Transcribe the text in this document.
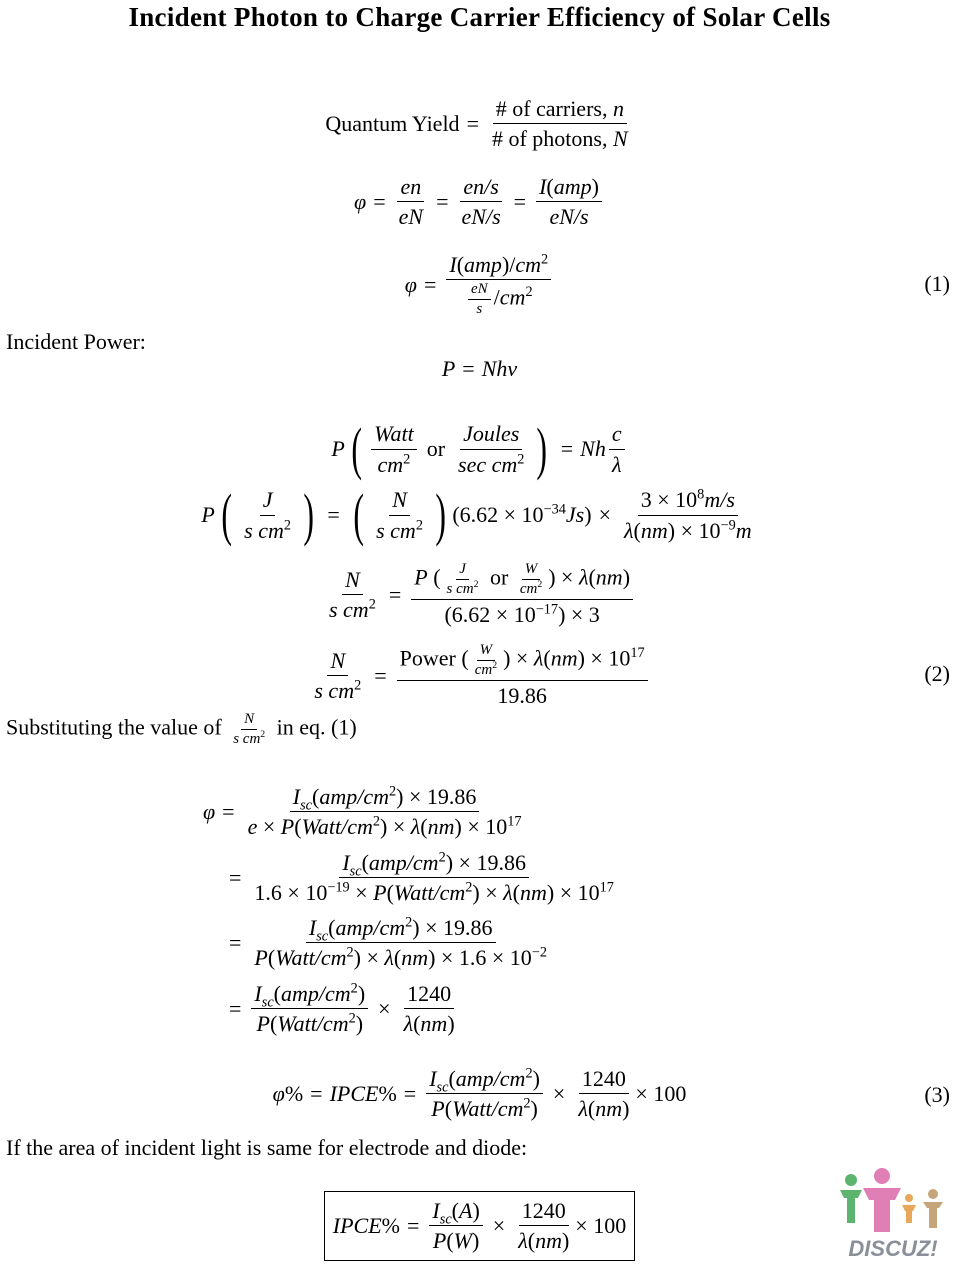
Incident Photon to Charge Carrier Efficiency of Solar Cells
Quantum Yield = $\frac{\text{\# of carriers, n}}{\text{\# of photons, N}}$
$\varphi = \frac{en}{eN} = \frac{en/s}{eN/s} = \frac{\text{I(amp)}}{eN/s}$
$\varphi = \frac{I(amp)/cm^2}{\frac{eN}{s} /cm^2}$	(1)
Incident Power:
P = Nhν
P ( $\frac{\text{Watt}}{cm^2}$ or $\frac{\text{Joules}}{\sec cm^2}$ ) = Nh $\frac{c}{\lambda}$
P ( $\frac{J}{s cm^2}$ ) = ( $\frac{N}{s cm^2}$ ) $(6.62 \times 10^{-34}Js) \times \frac{3 \times 10^8m/s}{\lambda(nm) \times 10^{-9}m}$
$\frac{N}{s cm^2} = \frac{P ( \frac{J}{s cm^2} or \frac{W}{cm^2} ) \times \lambda(nm)}{(6.62 \times 10^{-17}) \times 3}$
$\frac{N}{s cm^2} = \frac{Power ( \frac{W}{cm^2} ) \times \lambda(nm) \times 10^{17}}{19.86}$	(2)
Substituting the value of $\frac{N}{s cm^2}$ in eq. (1)
$\varphi = \frac{I_{sc}(amp/cm^2) \times 19.86}{e \times P(Watt/cm^2) \times \lambda(nm) \times 10^{17}}$
= $\frac{I_{sc}(amp/cm^2) \times 19.86}{1.6 \times 10^{-19} \times P(Watt/cm^2) \times \lambda(nm) \times 10^{17}}$
= $\frac{I_{sc}(amp/cm^2) \times 19.86}{P(Watt/cm^2) \times \lambda(nm) \times 1.6 \times 10^{-2}}$
= $\frac{I_{sc}(amp/cm^2)}{P(Watt/cm^2)} \times \frac{1240}{\lambda(nm)}$
φ % = IPCE % = $\frac{I_{sc}(amp/cm^2)}{P(Watt/cm^2)} \times \frac{1240}{\lambda(nm)} \times 100$	(3)
If the area of incident light is same for electrode and diode:
IPCE % = $\frac{I_{sc}(A)}{P(W)} \times \frac{1240}{\lambda(nm)} \times 100$
DISCUZ!
